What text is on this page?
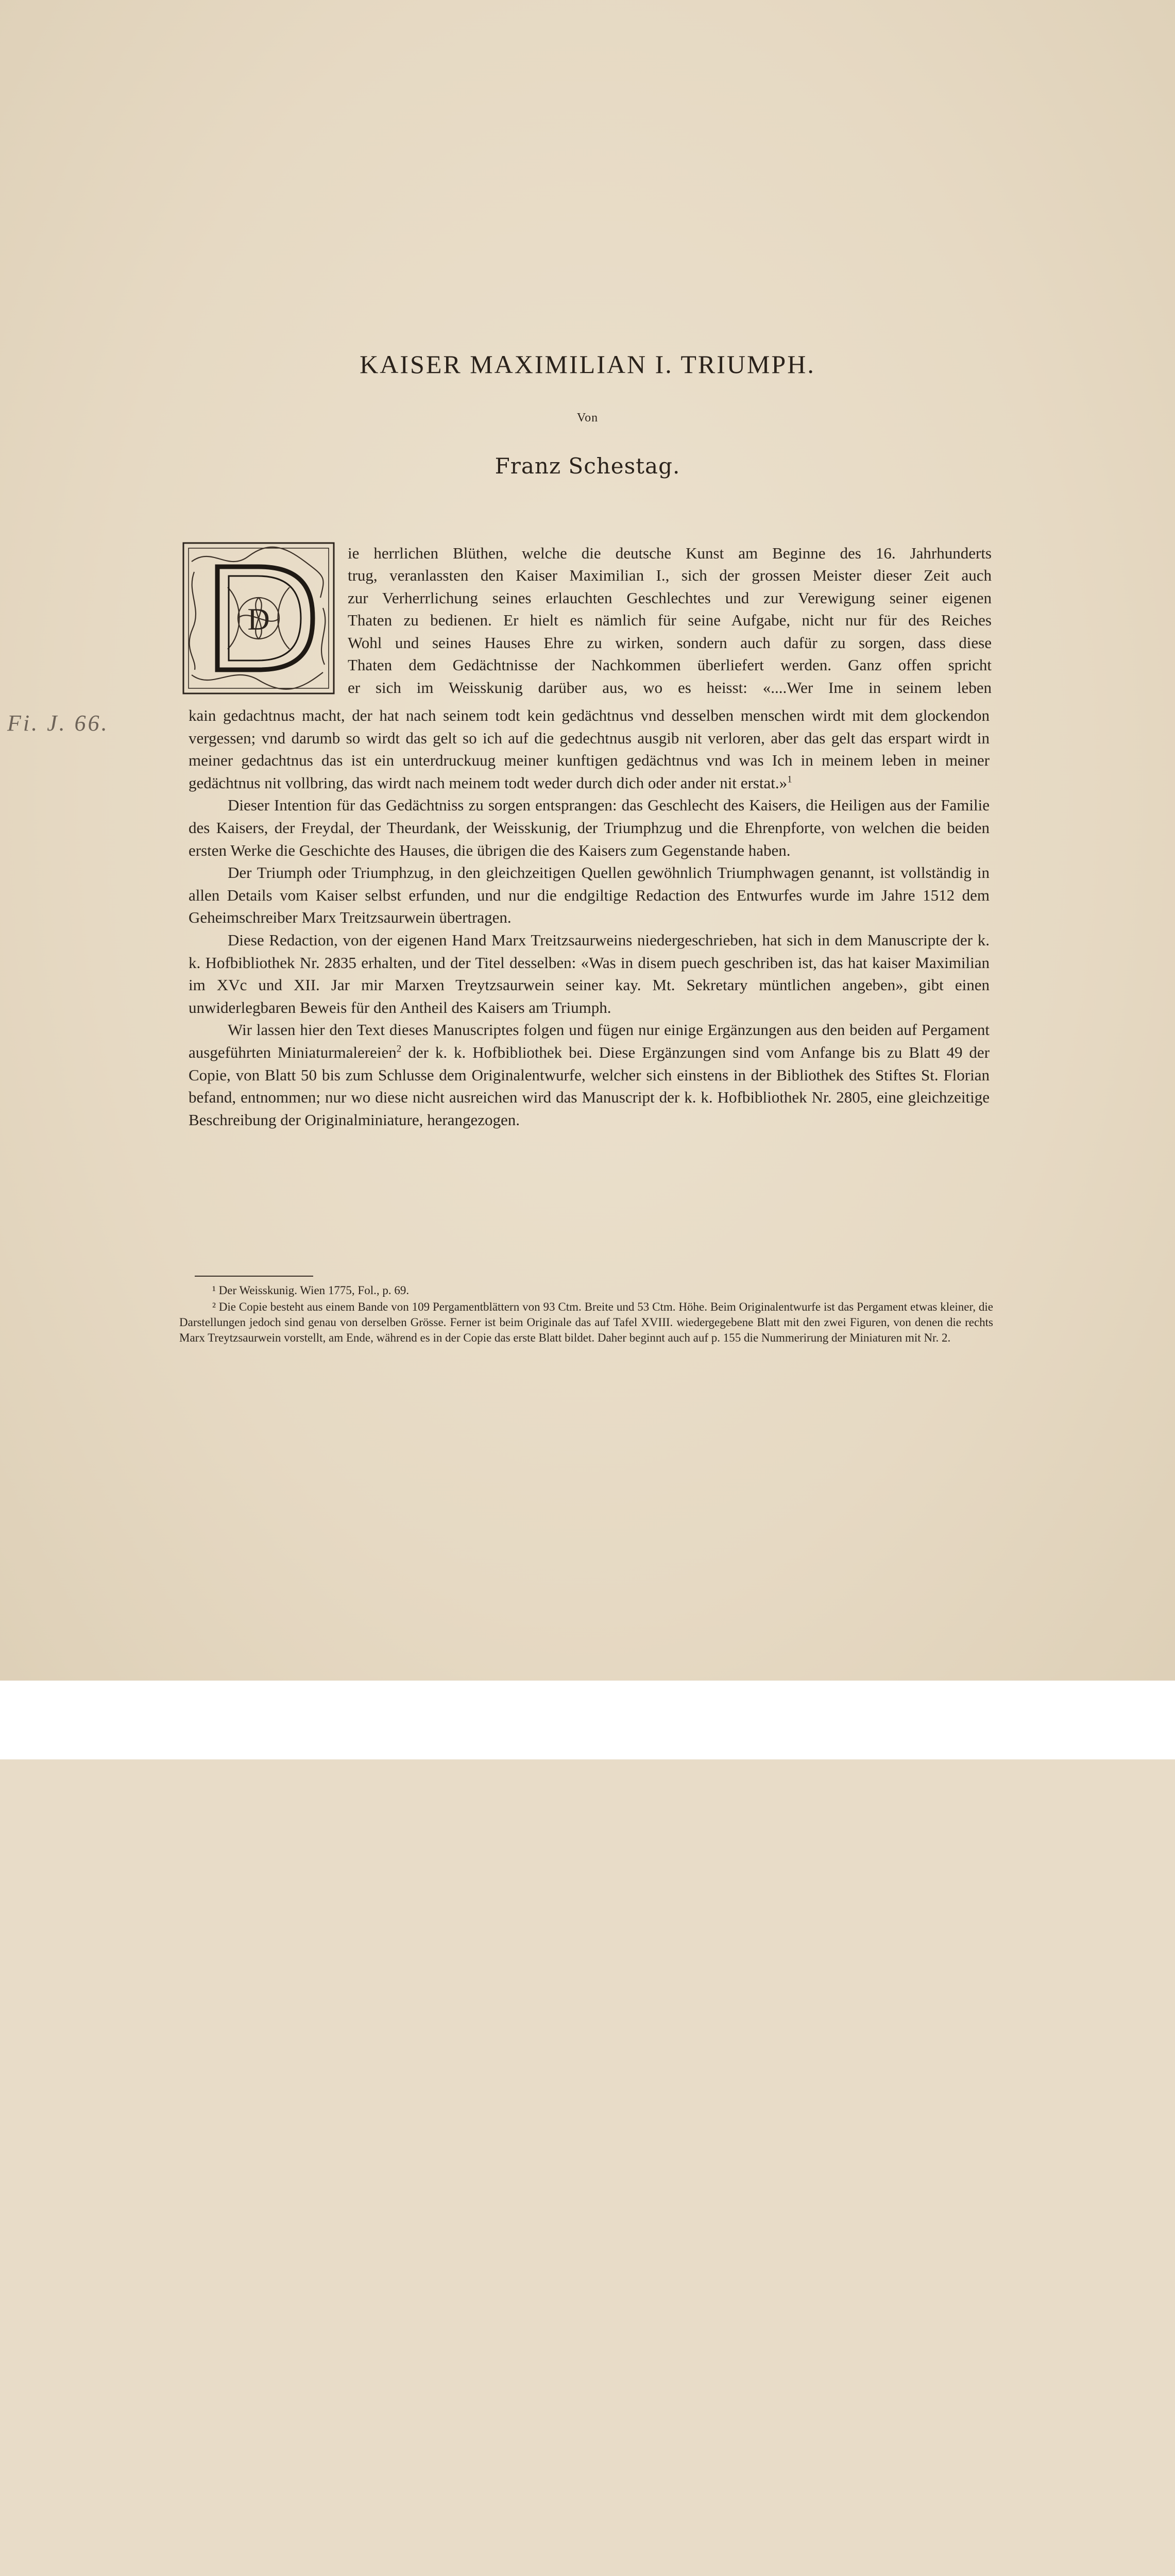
KAISER MAXIMILIAN I. TRIUMPH.
Von
Franz Schestag.
D
ie herrlichen Blüthen, welche die deutsche Kunst am Beginne des 16. Jahrhunderts
trug, veranlassten den Kaiser Maximilian I., sich der grossen Meister dieser Zeit auch
zur Verherrlichung seines erlauchten Geschlechtes und zur Verewigung seiner eigenen
Thaten zu bedienen. Er hielt es nämlich für seine Aufgabe, nicht nur für des Reiches
Wohl und seines Hauses Ehre zu wirken, sondern auch dafür zu sorgen, dass diese
Thaten dem Gedächtnisse der Nachkommen überliefert werden. Ganz offen spricht
er sich im Weisskunig darüber aus, wo es heisst: «....Wer Ime in seinem leben

kain gedachtnus macht, der hat nach seinem todt kein gedächtnus vnd desselben menschen wirdt mit dem glockendon vergessen; vnd darumb so wirdt das gelt so ich auf die gedechtnus ausgib nit verloren, aber das gelt das erspart wirdt in meiner gedachtnus das ist ein unterdruckuug meiner kunftigen gedächtnus vnd was Ich in meinem leben in meiner gedächtnus nit vollbring, das wirdt nach meinem todt weder durch dich oder ander nit erstat.»$^1$

Dieser Intention für das Gedächtniss zu sorgen entsprangen: das Geschlecht des Kaisers, die Heiligen aus der Familie des Kaisers, der Freydal, der Theurdank, der Weisskunig, der Triumphzug und die Ehrenpforte, von welchen die beiden ersten Werke die Geschichte des Hauses, die übrigen die des Kaisers zum Gegenstande haben.

Der Triumph oder Triumphzug, in den gleichzeitigen Quellen gewöhnlich Triumphwagen genannt, ist vollständig in allen Details vom Kaiser selbst erfunden, und nur die endgiltige Redaction des Entwurfes wurde im Jahre 1512 dem Geheimschreiber Marx Treitzsaurwein übertragen.

Diese Redaction, von der eigenen Hand Marx Treitzsaurweins niedergeschrieben, hat sich in dem Manuscripte der k. k. Hofbibliothek Nr. 2835 erhalten, und der Titel desselben: «Was in disem puech geschriben ist, das hat kaiser Maximilian im XVc und XII. Jar mir Marxen Treytzsaurwein seiner kay. Mt. Sekretary müntlichen angeben», gibt einen unwiderlegbaren Beweis für den Antheil des Kaisers am Triumph.

Wir lassen hier den Text dieses Manuscriptes folgen und fügen nur einige Ergänzungen aus den beiden auf Pergament ausgeführten Miniaturmalereien$^2$ der k. k. Hofbibliothek bei. Diese Ergänzungen sind vom Anfange bis zu Blatt 49 der Copie, von Blatt 50 bis zum Schlusse dem Originalentwurfe, welcher sich einstens in der Bibliothek des Stiftes St. Florian befand, entnommen; nur wo diese nicht ausreichen wird das Manuscript der k. k. Hofbibliothek Nr. 2805, eine gleichzeitige Beschreibung der Originalminiature, herangezogen.

¹ Der Weisskunig. Wien 1775, Fol., p. 69.

² Die Copie besteht aus einem Bande von 109 Pergamentblättern von 93 Ctm. Breite und 53 Ctm. Höhe. Beim Originalentwurfe ist das Pergament etwas kleiner, die Darstellungen jedoch sind genau von derselben Grösse. Ferner ist beim Originale das auf Tafel XVIII. wiedergegebene Blatt mit den zwei Figuren, von denen die rechts Marx Treytzsaurwein vorstellt, am Ende, während es in der Copie das erste Blatt bildet. Daher beginnt auch auf p. 155 die Nummerirung der Miniaturen mit Nr. 2.

Fi. J. 66.
